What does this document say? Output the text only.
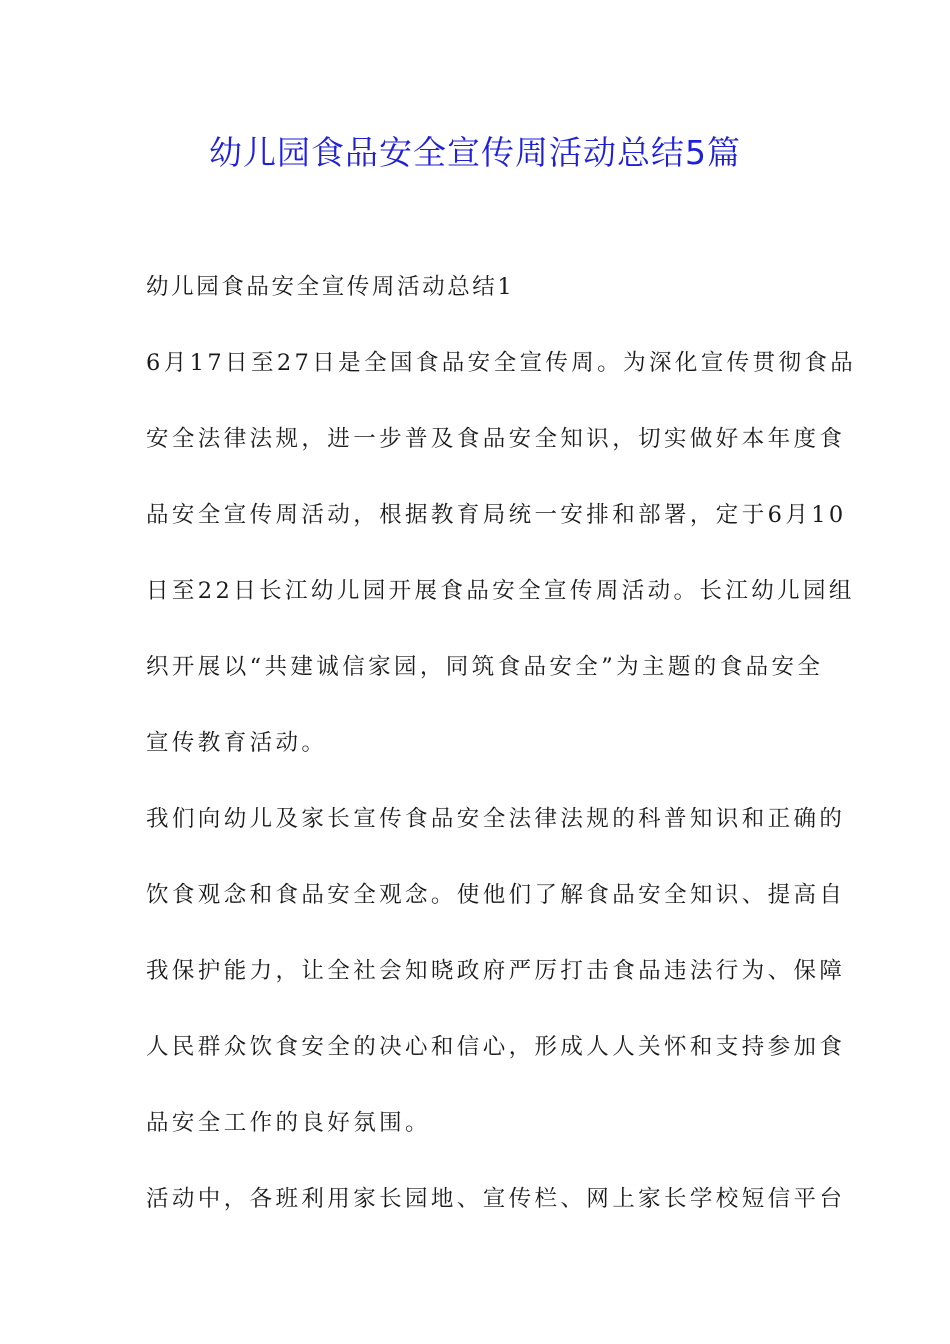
幼儿园食品安全宣传周活动总结5篇
幼儿园食品安全宣传周活动总结1
6月17日至27日是全国食品安全宣传周。为深化宣传贯彻食品
安全法律法规，进一步普及食品安全知识，切实做好本年度食
品安全宣传周活动，根据教育局统一安排和部署，定于6月10
日至22日长江幼儿园开展食品安全宣传周活动。长江幼儿园组
织开展以“共建诚信家园，同筑食品安全”为主题的食品安全
宣传教育活动。
我们向幼儿及家长宣传食品安全法律法规的科普知识和正确的
饮食观念和食品安全观念。使他们了解食品安全知识、提高自
我保护能力，让全社会知晓政府严厉打击食品违法行为、保障
人民群众饮食安全的决心和信心，形成人人关怀和支持参加食
品安全工作的良好氛围。
活动中，各班利用家长园地、宣传栏、网上家长学校短信平台
